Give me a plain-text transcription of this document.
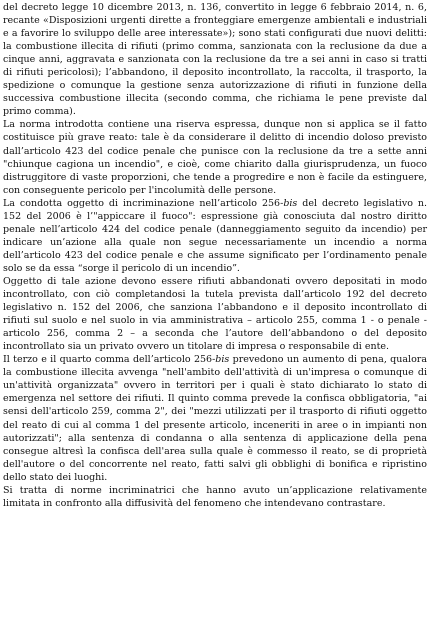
del decreto legge 10 dicembre 2013, n. 136, convertito in legge 6 febbraio 2014, n. 6, recante «Disposizioni urgenti dirette a fronteggiare emergenze ambientali e industriali e a favorire lo sviluppo delle aree interessate»); sono stati configurati due nuovi delitti: la combustione illecita di rifiuti (primo comma, sanzionata con la reclusione da due a cinque anni, aggravata e sanzionata con la reclusione da tre a sei anni in caso si tratti di rifiuti pericolosi); l’abbandono, il deposito incontrollato, la raccolta, il trasporto, la spedizione o comunque la gestione senza autorizzazione di rifiuti in funzione della successiva combustione illecita (secondo comma, che richiama le pene previste dal primo comma).

La norma introdotta contiene una riserva espressa, dunque non si applica se il fatto costituisce più grave reato: tale è da considerare il delitto di incendio doloso previsto dall’articolo 423 del codice penale che punisce con la reclusione da tre a sette anni "chiunque cagiona un incendio", e cioè, come chiarito dalla giurisprudenza, un fuoco distruggitore di vaste proporzioni, che tende a progredire e non è facile da estinguere, con conseguente pericolo per l'incolumità delle persone.

La condotta oggetto di incriminazione nell’articolo 256-bis del decreto legislativo n. 152 del 2006 è l’"appiccare il fuoco": espressione già conosciuta dal nostro diritto penale nell’articolo 424 del codice penale (danneggiamento seguito da incendio) per indicare un’azione alla quale non segue necessariamente un incendio a norma dell’articolo 423 del codice penale e che assume significato per l’ordinamento penale solo se da essa “sorge il pericolo di un incendio”.

Oggetto di tale azione devono essere rifiuti abbandonati ovvero depositati in modo incontrollato, con ciò completandosi la tutela prevista dall’articolo 192 del decreto legislativo n. 152 del 2006, che sanziona l’abbandono e il deposito incontrollato di rifiuti sul suolo e nel suolo in via amministrativa – articolo 255, comma 1 - o penale - articolo 256, comma 2 – a seconda che l’autore dell’abbandono o del deposito incontrollato sia un privato ovvero un titolare di impresa o responsabile di ente.

Il terzo e il quarto comma dell’articolo 256-bis prevedono un aumento di pena, qualora la combustione illecita avvenga "nell'ambito dell'attività di un'impresa o comunque di un'attività organizzata" ovvero in territori per i quali è stato dichiarato lo stato di emergenza nel settore dei rifiuti. Il quinto comma prevede la confisca obbligatoria, "ai sensi dell'articolo 259, comma 2", dei "mezzi utilizzati per il trasporto di rifiuti oggetto del reato di cui al comma 1 del presente articolo, inceneriti in aree o in impianti non autorizzati"; alla sentenza di condanna o alla sentenza di applicazione della pena consegue altresì la confisca dell'area sulla quale è commesso il reato, se di proprietà dell'autore o del concorrente nel reato, fatti salvi gli obblighi di bonifica e ripristino dello stato dei luoghi.

Si tratta di norme incriminatrici che hanno avuto un’applicazione relativamente limitata in confronto alla diffusività del fenomeno che intendevano contrastare.
